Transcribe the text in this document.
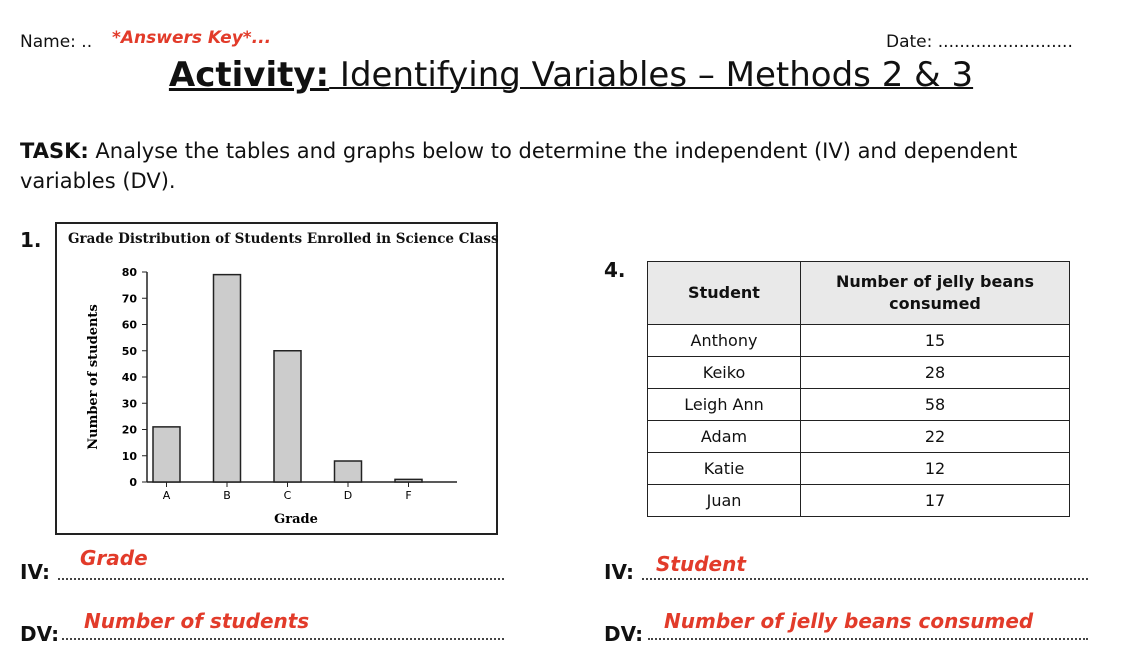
Name: .. *Answers Key*...	Date: .........................
Activity: Identifying Variables – Methods 2 & 3
TASK: Analyse the tables and graphs below to determine the independent (IV) and dependent variables (DV).
1. Grade Distribution of Students Enrolled in Science Class
0
10
20
30
40
50
60
70
80
A	B	C	D	F
Grade
Number of students
4.
Student	Number of jelly beans consumed
Anthony	15
Keiko	28
Leigh Ann	58
Adam	22
Katie	12
Juan	17
IV:
Grade
DV:
Number of students
IV: Student
DV:
Number of jelly beans consumed
